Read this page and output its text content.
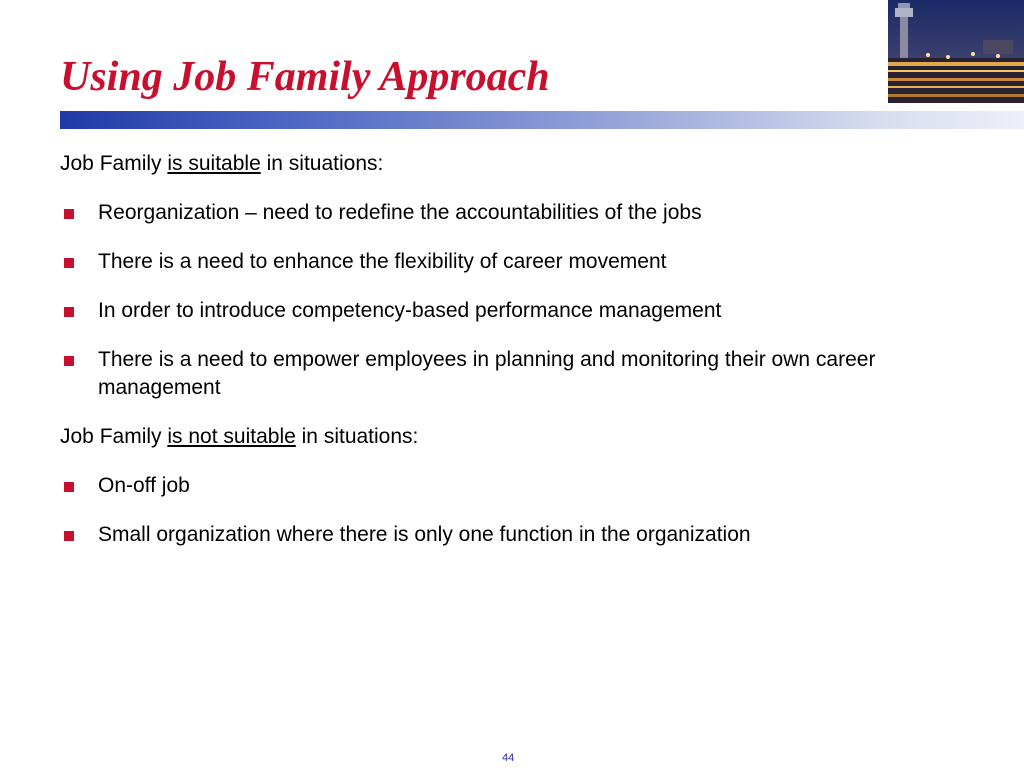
Using Job Family Approach

Job Family is suitable in situations:

Reorganization – need to redefine the accountabilities of the jobs
There is a need to enhance the flexibility of career movement
In order to introduce competency-based performance management
There is a need to empower employees in planning and monitoring their own career management

Job Family is not suitable in situations:

On-off job
Small organization where there is only one function in the organization
44
